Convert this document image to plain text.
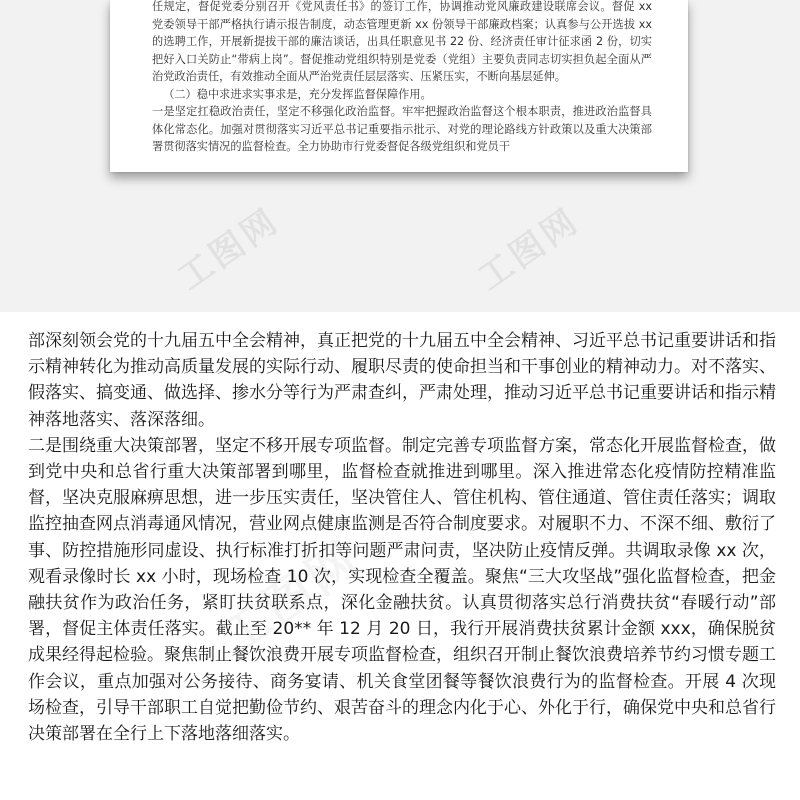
任规定，督促党委分别召开《党风责任书》的签订工作，协调推动党风廉政建设联席会议。督促 xx 党委领导干部严格执行请示报告制度，动态管理更新 xx 份领导干部廉政档案；认真参与公开选拔 xx 的选聘工作，开展新提拔干部的廉洁谈话，出具任职意见书 22 份、经济责任审计征求函 2 份，切实把好入口关防止“带病上岗”。督促推动党组织特别是党委（党组）主要负责同志切实担负起全面从严治党政治责任，有效推动全面从严治党责任层层落实、压紧压实，不断向基层延伸。

（二）稳中求进求实事求是，充分发挥监督保障作用。

一是坚定扛稳政治责任，坚定不移强化政治监督。牢牢把握政治监督这个根本职责，推进政治监督具体化常态化。加强对贯彻落实习近平总书记重要指示批示、对党的理论路线方针政策以及重大决策部署贯彻落实情况的监督检查。全力协助市行党委督促各级党组织和党员干

工图网	工图网
工图网

部深刻领会党的十九届五中全会精神，真正把党的十九届五中全会精神、习近平总书记重要讲话和指示精神转化为推动高质量发展的实际行动、履职尽责的使命担当和干事创业的精神动力。对不落实、假落实、搞变通、做选择、掺水分等行为严肃查纠，严肃处理，推动习近平总书记重要讲话和指示精神落地落实、落深落细。

二是围绕重大决策部署，坚定不移开展专项监督。制定完善专项监督方案，常态化开展监督检查，做到党中央和总省行重大决策部署到哪里，监督检查就推进到哪里。深入推进常态化疫情防控精准监督，坚决克服麻痹思想，进一步压实责任，坚决管住人、管住机构、管住通道、管住责任落实；调取监控抽查网点消毒通风情况，营业网点健康监测是否符合制度要求。对履职不力、不深不细、敷衍了事、防控措施形同虚设、执行标准打折扣等问题严肃问责，坚决防止疫情反弹。共调取录像 xx 次，观看录像时长 xx 小时，现场检查 10 次，实现检查全覆盖。聚焦“三大攻坚战”强化监督检查，把金融扶贫作为政治任务，紧盯扶贫联系点，深化金融扶贫。认真贯彻落实总行消费扶贫“春暖行动”部署，督促主体责任落实。截止至 20** 年 12 月 20 日，我行开展消费扶贫累计金额 xxx，确保脱贫成果经得起检验。聚焦制止餐饮浪费开展专项监督检查，组织召开制止餐饮浪费培养节约习惯专题工作会议，重点加强对公务接待、商务宴请、机关食堂团餐等餐饮浪费行为的监督检查。开展 4 次现场检查，引导干部职工自觉把勤俭节约、艰苦奋斗的理念内化于心、外化于行，确保党中央和总省行决策部署在全行上下落地落细落实。
